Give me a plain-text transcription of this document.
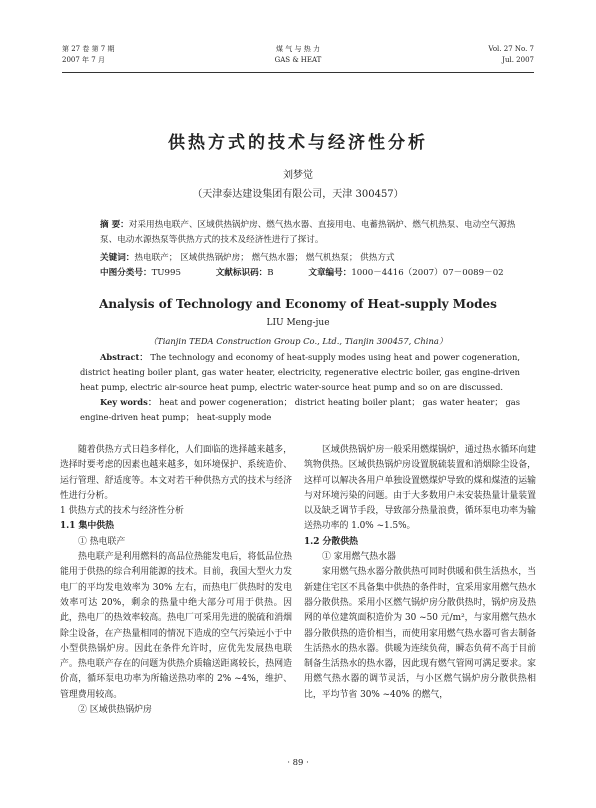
第 27 卷 第 7 期
2007 年 7 月
煤 气 与 热 力
GAS & HEAT
Vol. 27 No. 7
Jul. 2007
供热方式的技术与经济性分析
刘梦觉
（天津泰达建设集团有限公司，天津 300457）
摘 要：对采用热电联产、区域供热锅炉房、燃气热水器、直接用电、电蓄热锅炉、燃气机热泵、电动空气源热泵、电动水源热泵等供热方式的技术及经济性进行了探讨。
关键词：热电联产； 区域供热锅炉房； 燃气热水器； 燃气机热泵； 供热方式
中图分类号：TU995	文献标识码：B	文章编号：1000－4416（2007）07－0089－02
Analysis of Technology and Economy of Heat-supply Modes
LIU Meng-jue
（Tianjin TEDA Construction Group Co., Ltd., Tianjin 300457, China）
Abstract： The technology and economy of heat-supply modes using heat and power cogeneration, district heating boiler plant, gas water heater, electricity, regenerative electric boiler, gas engine-driven heat pump, electric air-source heat pump, electric water-source heat pump and so on are discussed.
Key words： heat and power cogeneration； district heating boiler plant； gas water heater； gas engine-driven heat pump； heat-supply mode

随着供热方式日趋多样化，人们面临的选择越来越多，选择时要考虑的因素也越来越多，如环境保护、系统造价、运行管理、舒适度等。本文对若干种供热方式的技术与经济性进行分析。

1 供热方式的技术与经济性分析

1.1 集中供热

① 热电联产

热电联产是利用燃料的高品位热能发电后，将低品位热能用于供热的综合利用能源的技术。目前，我国大型火力发电厂的平均发电效率为 30% 左右，而热电厂供热时的发电效率可达 20%，剩余的热量中绝大部分可用于供热。因此，热电厂的热效率较高。热电厂可采用先进的脱硫和消烟除尘设备，在产热量相同的情况下造成的空气污染远小于中小型供热锅炉房。因此在条件允许时，应优先发展热电联产。热电联产存在的问题为供热介质输送距离较长，热网造价高，循环泵电功率为所输送热功率的 2% ~4%，维护、管理费用较高。

② 区域供热锅炉房

区域供热锅炉房一般采用燃煤锅炉，通过热水循环向建筑物供热。区域供热锅炉房设置脱硫装置和消烟除尘设备，这样可以解决各用户单独设置燃煤炉导致的煤和煤渣的运输与对环境污染的问题。由于大多数用户未安装热量计量装置以及缺乏调节手段，导致部分热量浪费，循环泵电功率为输送热功率的 1.0% ~1.5%。

1.2 分散供热

① 家用燃气热水器

家用燃气热水器分散供热可同时供暖和供生活热水，当新建住宅区不具备集中供热的条件时，宜采用家用燃气热水器分散供热。采用小区燃气锅炉房分散供热时，锅炉房及热网的单位建筑面积造价为 30 ~50 元/m²，与家用燃气热水器分散供热的造价相当，而使用家用燃气热水器可省去制备生活热水的热水器。供暖为连续负荷，瞬态负荷不高于目前制备生活热水的热水器，因此现有燃气管网可满足要求。家用燃气热水器的调节灵活，与小区燃气锅炉房分散供热相比，平均节省 30% ~40% 的燃气，

· 89 ·
